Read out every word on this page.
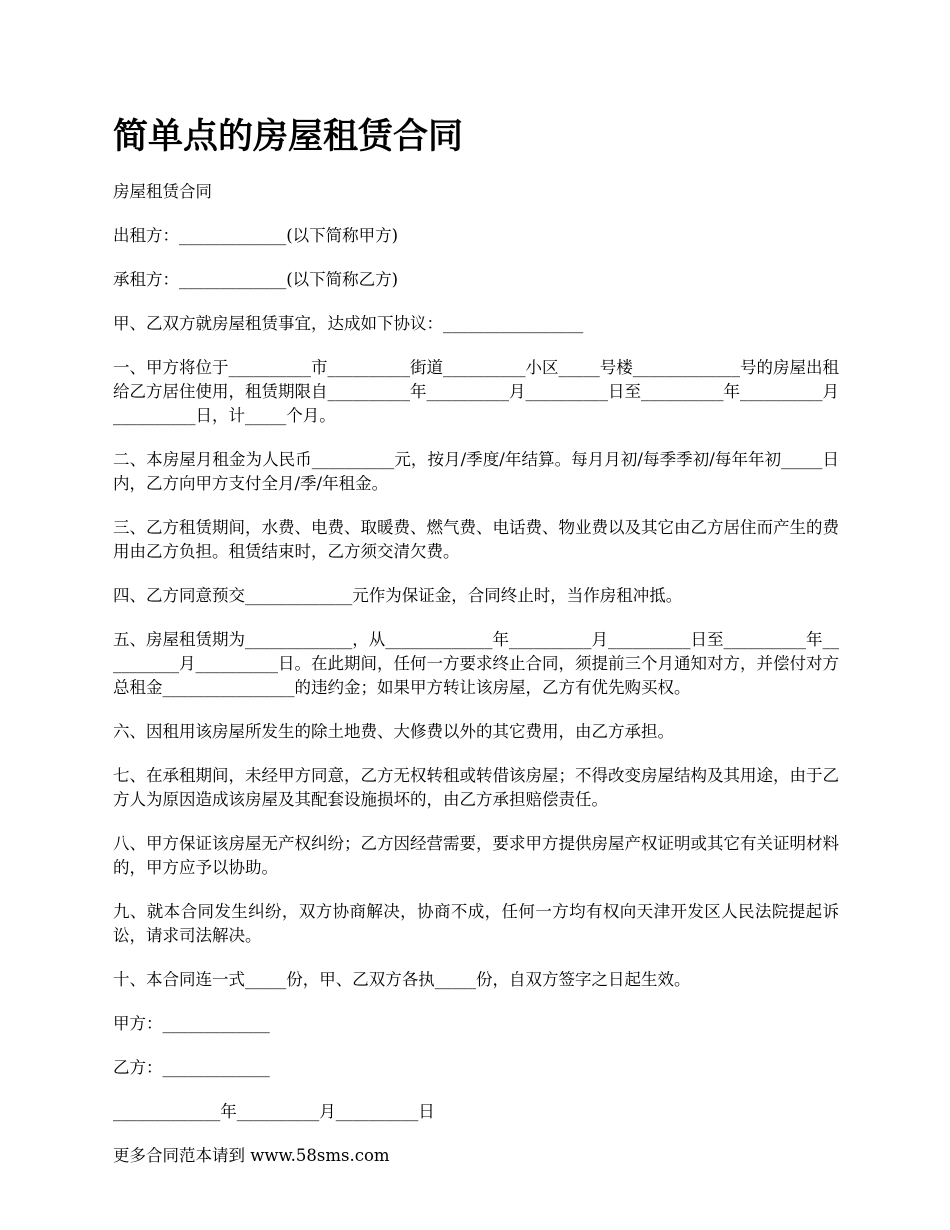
简单点的房屋租赁合同

房屋租赁合同

出租方：_____________(以下简称甲方)

承租方：_____________(以下简称乙方)

甲、乙双方就房屋租赁事宜，达成如下协议：_________________

一、甲方将位于__________市__________街道__________小区_____号楼_____________号的房屋出租给乙方居住使用，租赁期限自__________年__________月__________日至__________年__________月__________日，计_____个月。

二、本房屋月租金为人民币__________元，按月/季度/年结算。每月月初/每季季初/每年年初_____日内，乙方向甲方支付全月/季/年租金。

三、乙方租赁期间，水费、电费、取暖费、燃气费、电话费、物业费以及其它由乙方居住而产生的费用由乙方负担。租赁结束时，乙方须交清欠费。

四、乙方同意预交_____________元作为保证金，合同终止时，当作房租冲抵。

五、房屋租赁期为_____________，从_____________年__________月__________日至__________年__________月__________日。在此期间，任何一方要求终止合同，须提前三个月通知对方，并偿付对方总租金________________的违约金；如果甲方转让该房屋，乙方有优先购买权。

六、因租用该房屋所发生的除土地费、大修费以外的其它费用，由乙方承担。

七、在承租期间，未经甲方同意，乙方无权转租或转借该房屋；不得改变房屋结构及其用途，由于乙方人为原因造成该房屋及其配套设施损坏的，由乙方承担赔偿责任。

八、甲方保证该房屋无产权纠纷；乙方因经营需要，要求甲方提供房屋产权证明或其它有关证明材料的，甲方应予以协助。

九、就本合同发生纠纷，双方协商解决，协商不成，任何一方均有权向天津开发区人民法院提起诉讼，请求司法解决。

十、本合同连一式_____份，甲、乙双方各执_____份，自双方签字之日起生效。

甲方：_____________

乙方：_____________

_____________年__________月__________日

更多合同范本请到 www.58sms.com
